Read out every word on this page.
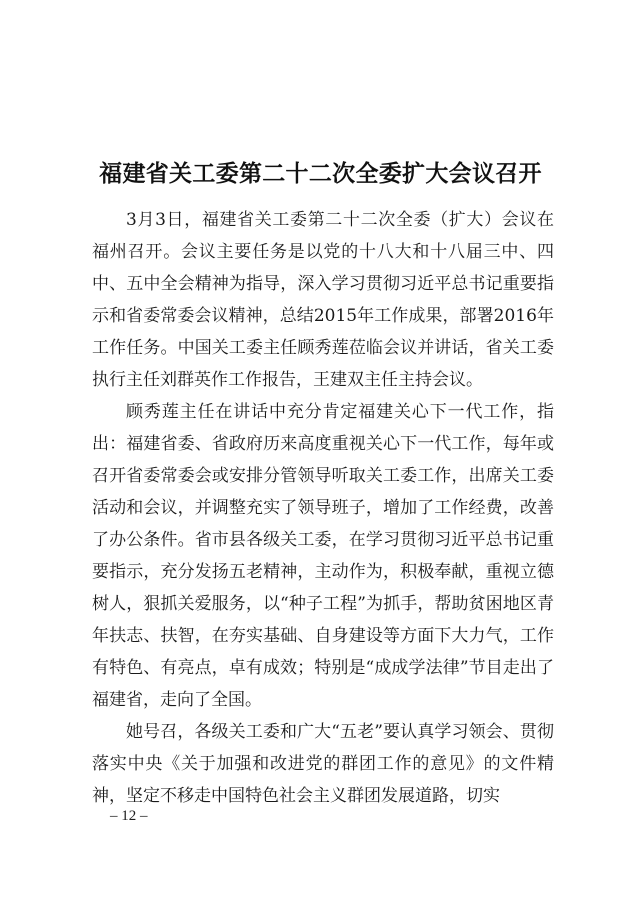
福建省关工委第二十二次全委扩大会议召开

3月3日，福建省关工委第二十二次全委（扩大）会议在福州召开。会议主要任务是以党的十八大和十八届三中、四中、五中全会精神为指导，深入学习贯彻习近平总书记重要指示和省委常委会议精神，总结2015年工作成果，部署2016年工作任务。中国关工委主任顾秀莲莅临会议并讲话，省关工委执行主任刘群英作工作报告，王建双主任主持会议。

顾秀莲主任在讲话中充分肯定福建关心下一代工作，指出：福建省委、省政府历来高度重视关心下一代工作，每年或召开省委常委会或安排分管领导听取关工委工作，出席关工委活动和会议，并调整充实了领导班子，增加了工作经费，改善了办公条件。省市县各级关工委，在学习贯彻习近平总书记重要指示，充分发扬五老精神，主动作为，积极奉献，重视立德树人，狠抓关爱服务，以“种子工程”为抓手，帮助贫困地区青年扶志、扶智，在夯实基础、自身建设等方面下大力气，工作有特色、有亮点，卓有成效；特别是“成成学法律”节目走出了福建省，走向了全国。

她号召，各级关工委和广大“五老”要认真学习领会、贯彻落实中央《关于加强和改进党的群团工作的意见》的文件精神，坚定不移走中国特色社会主义群团发展道路，切实

– 12 –
